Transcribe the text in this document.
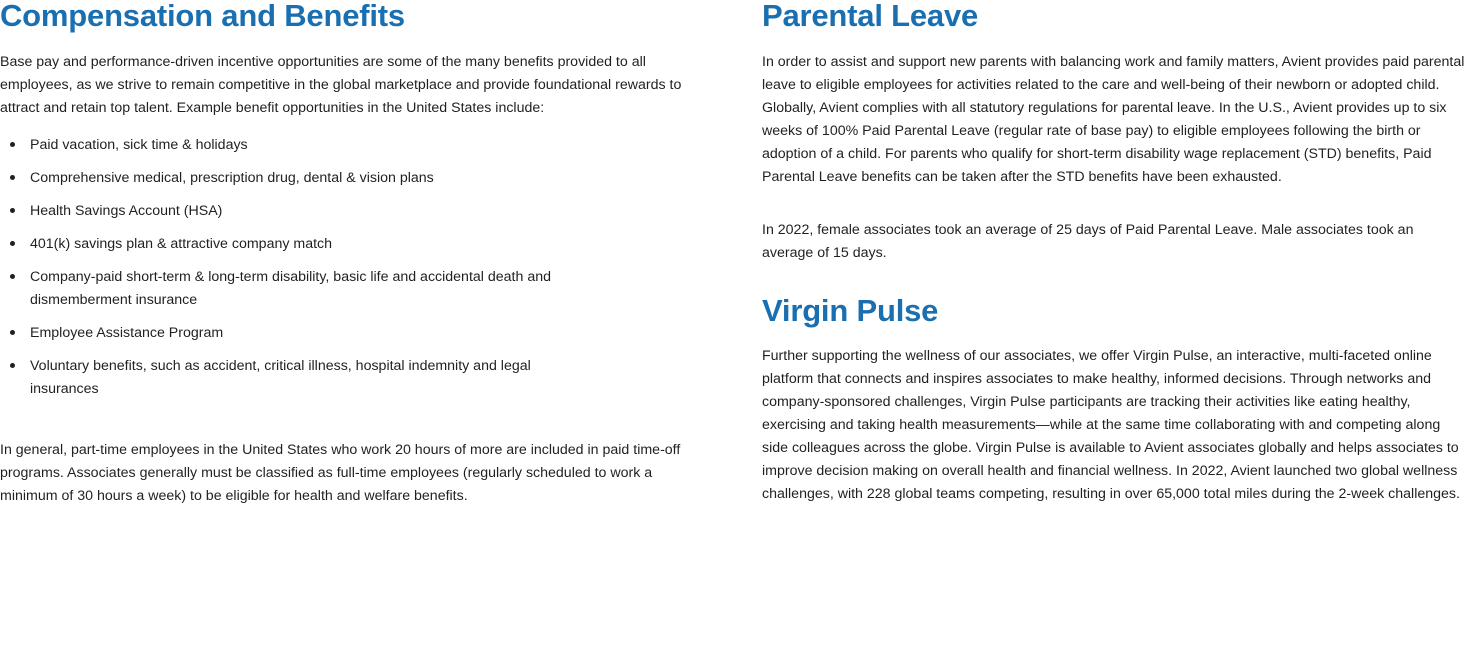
Compensation and Benefits

Base pay and performance-driven incentive opportunities are some of the many benefits provided to all employees, as we strive to remain competitive in the global marketplace and provide foundational rewards to attract and retain top talent. Example benefit opportunities in the United States include:

Paid vacation, sick time & holidays
Comprehensive medical, prescription drug, dental & vision plans
Health Savings Account (HSA)
401(k) savings plan & attractive company match
Company-paid short-term & long-term disability, basic life and accidental death and dismemberment insurance
Employee Assistance Program
Voluntary benefits, such as accident, critical illness, hospital indemnity and legal insurances

In general, part-time employees in the United States who work 20 hours of more are included in paid time-off programs. Associates generally must be classified as full-time employees (regularly scheduled to work a minimum of 30 hours a week) to be eligible for health and welfare benefits.

Parental Leave

In order to assist and support new parents with balancing work and family matters, Avient provides paid parental leave to eligible employees for activities related to the care and well-being of their newborn or adopted child. Globally, Avient complies with all statutory regulations for parental leave. In the U.S., Avient provides up to six weeks of 100% Paid Parental Leave (regular rate of base pay) to eligible employees following the birth or adoption of a child. For parents who qualify for short-term disability wage replacement (STD) benefits, Paid Parental Leave benefits can be taken after the STD benefits have been exhausted.

In 2022, female associates took an average of 25 days of Paid Parental Leave. Male associates took an average of 15 days.

Virgin Pulse

Further supporting the wellness of our associates, we offer Virgin Pulse, an interactive, multi-faceted online platform that connects and inspires associates to make healthy, informed decisions. Through networks and company-sponsored challenges, Virgin Pulse participants are tracking their activities like eating healthy, exercising and taking health measurements—while at the same time collaborating with and competing along side colleagues across the globe. Virgin Pulse is available to Avient associates globally and helps associates to improve decision making on overall health and financial wellness. In 2022, Avient launched two global wellness challenges, with 228 global teams competing, resulting in over 65,000 total miles during the 2-week challenges.
